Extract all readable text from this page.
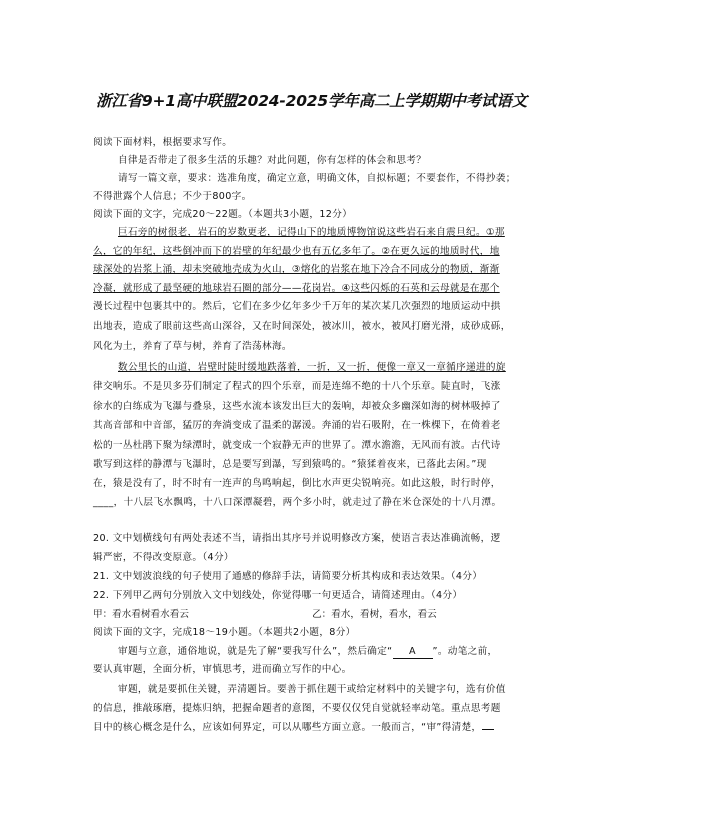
浙江省9+1高中联盟2024-2025学年高二上学期期中考试语文
阅读下面材料，根据要求写作。
自律是否带走了很多生活的乐趣？对此问题，你有怎样的体会和思考？
请写一篇文章，要求：选准角度，确定立意，明确文体，自拟标题；不要套作，不得抄袭；
不得泄露个人信息；不少于800字。
阅读下面的文字，完成20～22题。（本题共3小题，12分）
巨石旁的树很老，岩石的岁数更老，记得山下的地质博物馆说这些岩石来自震旦纪。①那
么，它的年纪，这些倒冲而下的岩壁的年纪最少也有五亿多年了。②在更久远的地质时代，地
球深处的岩浆上涌，却未突破地壳成为火山，③熔化的岩浆在地下冷合不同成分的物质，渐渐
冷凝，就形成了最坚硬的地球岩石圈的部分——花岗岩。④这些闪烁的石英和云母就是在那个
漫长过程中包裹其中的。然后，它们在多少亿年多少千万年的某次某几次强烈的地质运动中拱
出地表，造成了眼前这些高山深谷，又在时间深处，被冰川，被水，被风打磨光滑，成砂成砾，
风化为土，养育了草与树，养育了浩荡林海。
数公里长的山道，岩壁时陡时缓地跌落着，一折，又一折，便像一章又一章循序递进的旋
律交响乐。不是贝多芬们制定了程式的四个乐章，而是连绵不绝的十八个乐章。陡直时，飞涨
徐水的白练成为飞瀑与叠泉，这些水流本该发出巨大的轰响，却被众多幽深如海的树林吸掉了
其高音部和中音部，猛厉的奔淌变成了温柔的潺湲。奔涌的岩石吸附，在一株棵下，在倚着老
松的一丛杜鹃下聚为绿潭时，就变成一个寂静无声的世界了。潭水澹澹，无风而有波。古代诗
歌写到这样的静潭与飞瀑时，总是要写到瀑，写到猿鸣的。“猿猱着夜来，已落此去闲。”现
在，猿是没有了，时不时有一连声的鸟鸣响起，倒比水声更尖锐响亮。如此这般，时行时停，
____，十八层飞水飘鸣，十八口深潭凝碧，两个多小时，就走过了静在米仓深处的十八月潭。
20. 文中划横线句有两处表述不当，请指出其序号并说明修改方案，使语言表达准确流畅，逻
辑严密，不得改变原意。（4分）
21. 文中划波浪线的句子使用了通感的修辞手法，请简要分析其构成和表达效果。（4分）
22. 下列甲乙两句分别放入文中划线处，你觉得哪一句更适合，请简述理由。（4分）
甲：看水看树看水看云	乙：看水，看树，看水，看云
阅读下面的文字，完成18～19小题。（本题共2小题，8分）
审题与立意，通俗地说，就是先了解“要我写什么”，然后确定“ A ”。动笔之前，
要认真审题，全面分析，审慎思考，进而确立写作的中心。
审题，就是要抓住关键，弄清题旨。要善于抓住题干或给定材料中的关键字句，选有价值
的信息，推敲琢磨，提炼归纳，把握命题者的意图，不要仅仅凭自觉就轻率动笔。重点思考题
目中的核心概念是什么，应该如何界定，可以从哪些方面立意。一般而言，“审”得清楚，
